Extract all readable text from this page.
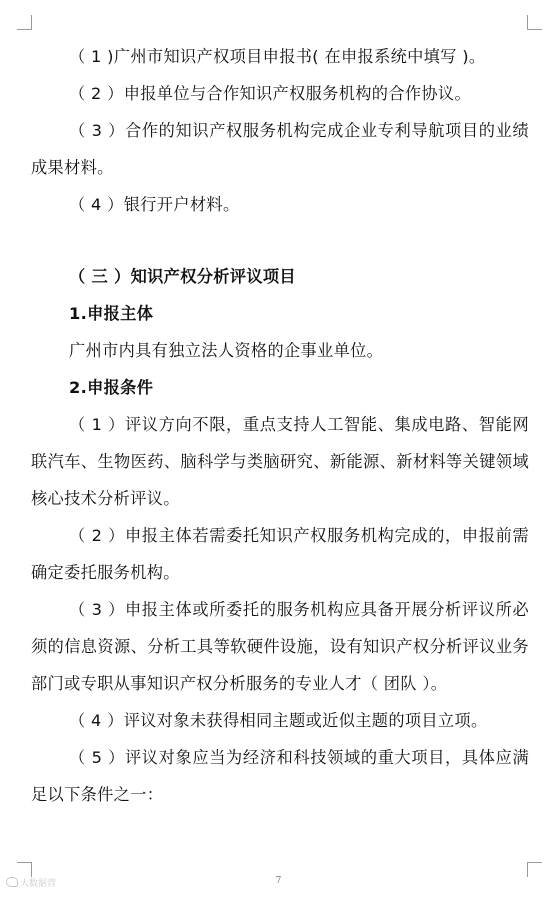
（ 1 )广州市知识产权项目申报书( 在申报系统中填写 )。

（ 2 ）申报单位与合作知识产权服务机构的合作协议。

（ 3 ）合作的知识产权服务机构完成企业专利导航项目的业绩成果材料。

（ 4 ）银行开户材料。

（ 三 ）知识产权分析评议项目

1.申报主体

广州市内具有独立法人资格的企事业单位。

2.申报条件

（ 1 ）评议方向不限，重点支持人工智能、集成电路、智能网联汽车、生物医药、脑科学与类脑研究、新能源、新材料等关键领域核心技术分析评议。

（ 2 ）申报主体若需委托知识产权服务机构完成的，申报前需确定委托服务机构。

（ 3 ）申报主体或所委托的服务机构应具备开展分析评议所必须的信息资源、分析工具等软硬件设施，设有知识产权分析评议业务部门或专职从事知识产权分析服务的专业人才（ 团队 ）。

（ 4 ）评议对象未获得相同主题或近似主题的项目立项。

（ 5 ）评议对象应当为经济和科技领域的重大项目，具体应满足以下条件之一：

大数据营	7
